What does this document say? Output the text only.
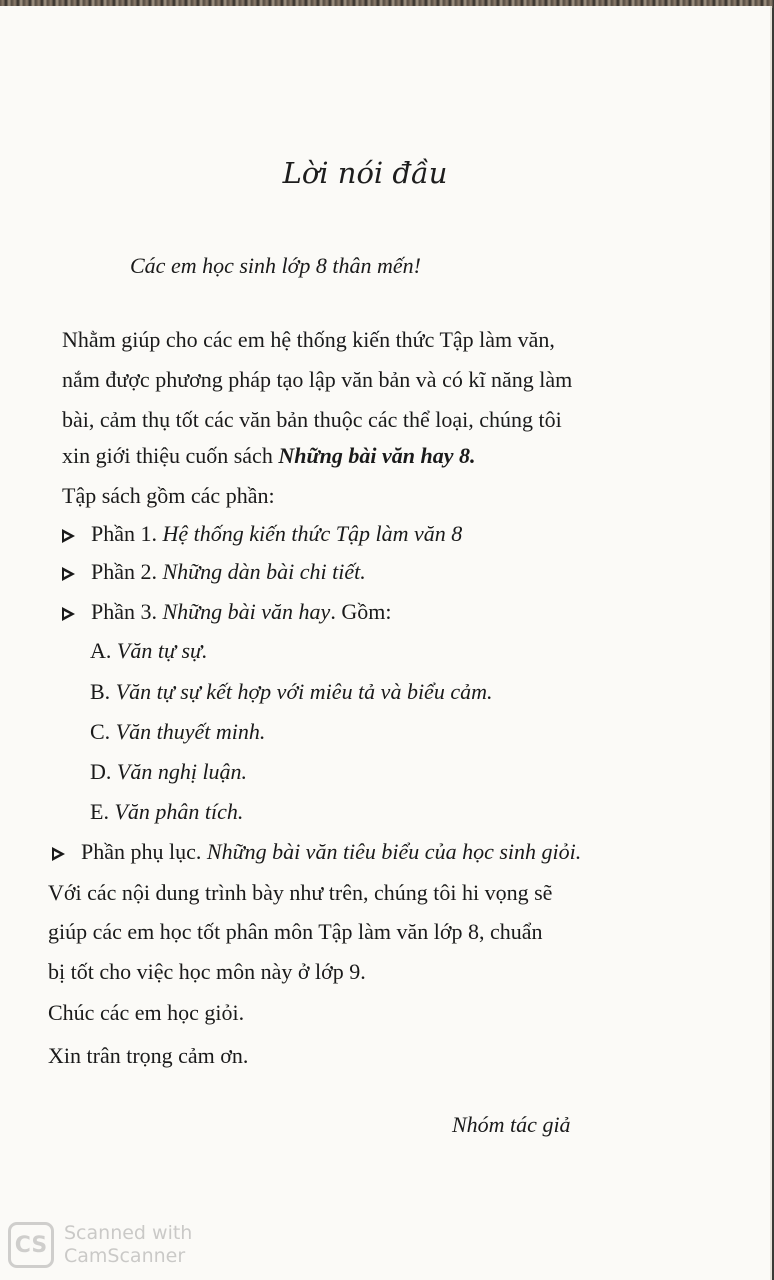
Lời nói đầu
Các em học sinh lớp 8 thân mến!
Nhằm giúp cho các em hệ thống kiến thức Tập làm văn,
nắm được phương pháp tạo lập văn bản và có kĩ năng làm
bài, cảm thụ tốt các văn bản thuộc các thể loại, chúng tôi
xin giới thiệu cuốn sách Những bài văn hay 8.
Tập sách gồm các phần:
Phần 1. Hệ thống kiến thức Tập làm văn 8
Phần 2. Những dàn bài chi tiết.
Phần 3. Những bài văn hay. Gồm:
A. Văn tự sự.
B. Văn tự sự kết hợp với miêu tả và biểu cảm.
C. Văn thuyết minh.
D. Văn nghị luận.
E. Văn phân tích.
Phần phụ lục. Những bài văn tiêu biểu của học sinh giỏi.
Với các nội dung trình bày như trên, chúng tôi hi vọng sẽ
giúp các em học tốt phân môn Tập làm văn lớp 8, chuẩn
bị tốt cho việc học môn này ở lớp 9.
Chúc các em học giỏi.
Xin trân trọng cảm ơn.
Nhóm tác giả
CS Scanned with
CamScanner
